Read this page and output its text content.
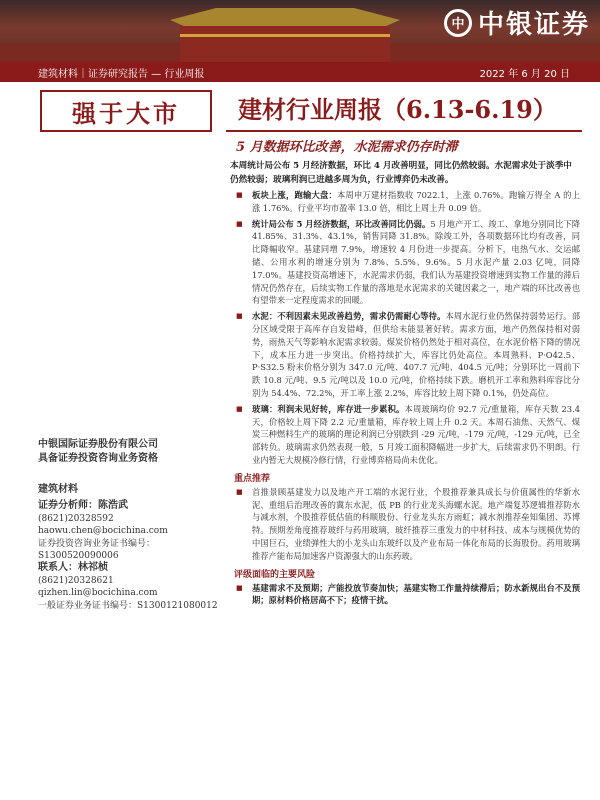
中 中银证券
建筑材料｜证券研究报告 — 行业周报	2022 年 6 月 20 日
强于大市
中银国际证券股份有限公司
具备证券投资咨询业务资格
建筑材料
证券分析师：陈浩武
(8621)20328592
haowu.chen@bocichina.com
证券投资咨询业务证书编号：S1300520090006
联系人：林祁桢
(8621)20328621
qizhen.lin@bocichina.com
一般证券业务证书编号：S1300121080012
建材行业周报（6.13-6.19）
5 月数据环比改善，水泥需求仍存时滞
本周统计局公布 5 月经济数据，环比 4 月改善明显，同比仍然较弱。水泥需求处于淡季中仍然较弱；玻璃利润已进越多周为负，行业博弈仍未改善。
■ 板块上涨，跑输大盘：本周申万建材指数收 7022.1，上涨 0.76%。跑输万得全 A 的上涨 1.76%。行业平均市盈率 13.0 倍，相比上周上升 0.09 倍。
■ 统计局公布 5 月经济数据，环比改善同比仍弱。5 月地产开工、竣工、拿地分别同比下降 41.85%、31.3%、43.1%，销售同降 31.8%。除竣工外，各项数据环比均有改善，同比降幅收窄。基建同增 7.9%，增速较 4 月份进一步提高。分析下，电热气水、交运邮储、公用水利的增速分别为 7.8%、5.5%、9.6%。5 月水泥产量 2.03 亿吨，同降 17.0%。基建投资高增速下，水泥需求仍弱，我们认为基建投资增速到实物工作量的滞后情况仍然存在，后续实物工作量的落地是水泥需求的关键因素之一，地产端的环比改善也有望带来一定程度需求的回暖。
■ 水泥：不利因素未见改善趋势，需求仍需耐心等待。本周水泥行业仍然保持弱势运行。部分区域受限于高库存自发错峰，但供给未能显著好转。需求方面，地产仍然保持相对弱势，雨热天气等影响水泥需求较弱。煤炭价格仍然处于相对高位，在水泥价格下降的情况下，成本压力进一步突出。价格持续扩大，库容比仍处高位。本周熟料、P·O42.5、P·S32.5 粉末价格分别为 347.0 元/吨、407.7 元/吨、404.5 元/吨；分别环比一周前下跌 10.8 元/吨、9.5 元/吨以及 10.0 元/吨，价格持续下跌。磨机开工率和熟料库容比分别为 54.4%、72.2%，开工率上涨 2.2%，库容比较上周下降 0.1%，仍处高位。
■ 玻璃：利润未见好转，库存进一步累积。本周玻璃均价 92.7 元/重量箱，库存天数 23.4 天，价格较上周下降 2.2 元/重量箱，库存较上周上升 0.2 天。本周石油焦、天然气、煤炭三种燃料生产的玻璃的理论利润已分别跌到 -29 元/吨，-179 元/吨，-129 元/吨，已全部转负。玻璃需求仍然表现一般，5 月竣工面积降幅进一步扩大，后续需求仍不明朗。行业内暂无大规模冷修行情，行业博弈格局尚未优化。
重点推荐
■ 首推景顾基建发力以及地产开工端的水泥行业，个股推荐兼具成长与价值属性的华新水泥、重组后治理改善的冀东水泥，低 PB 的行业龙头海螺水泥。地产端复苏逻辑推荐防水与减水剂，个股推荐低估值的科顺股份、行业龙头东方雨虹；减水剂推荐垒知集团、苏博特。预期差角度推荐玻纤与药用玻璃，玻纤推荐三重发力的中材科技、成本与规模优势的中国巨石，业绩弹性大的小龙头山东玻纤以及产业布局一体化布局的长海股份。药用玻璃推荐产能布局加速客户资源强大的山东药玻。
评级面临的主要风险
■ 基建需求不及预期；产能投放节奏加快；基建实物工作量持续滞后；防水新规出台不及预期；原材料价格居高不下；疫情干扰。
